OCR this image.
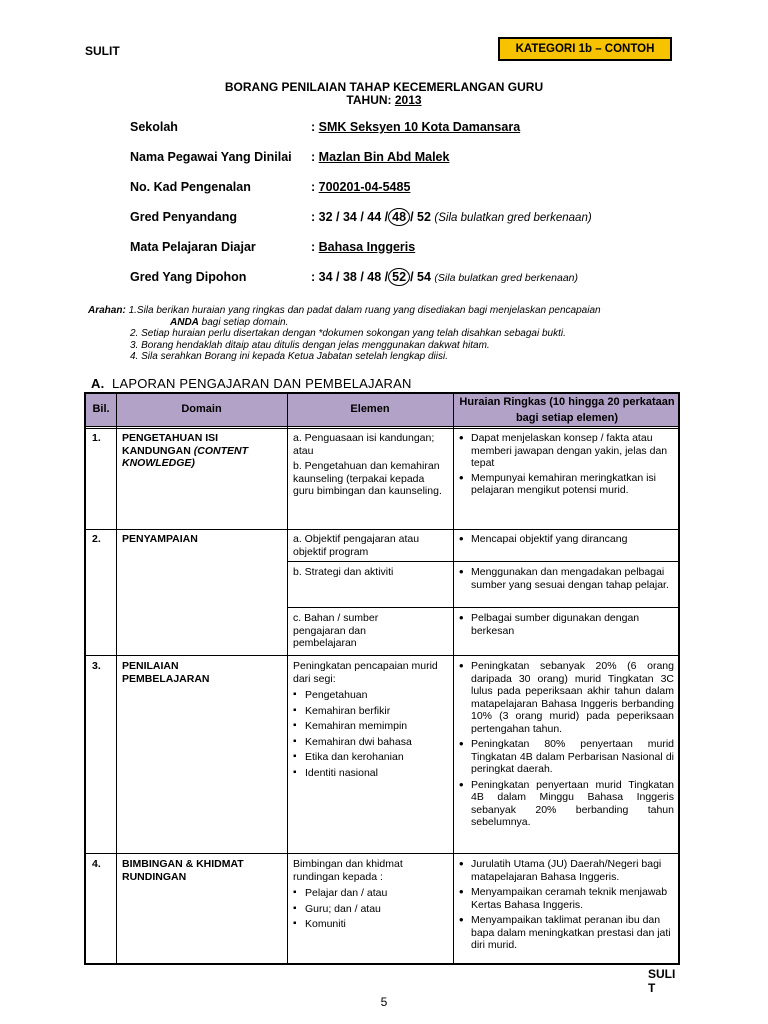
SULIT	KATEGORI 1b – CONTOH
BORANG PENILAIAN TAHAP KECEMERLANGAN GURU
TAHUN: 2013
Sekolah	: SMK Seksyen 10 Kota Damansara
Nama Pegawai Yang Dinilai : Mazlan Bin Abd Malek
No. Kad Pengenalan	: 700201-04-5485
Gred Penyandang	: 32 / 34 / 44 / 48 / 52 (Sila bulatkan gred berkenaan)
Mata Pelajaran Diajar	: Bahasa Inggeris
Gred Yang Dipohon	: 34 / 38 / 48 / 52 / 54 (Sila bulatkan gred berkenaan)
Arahan: 1.Sila berikan huraian yang ringkas dan padat dalam ruang yang disediakan bagi menjelaskan pencapaian
ANDA bagi setiap domain.
2. Setiap huraian perlu disertakan dengan *dokumen sokongan yang telah disahkan sebagai bukti.
3. Borang hendaklah ditaip atau ditulis dengan jelas menggunakan dakwat hitam.
4. Sila serahkan Borang ini kepada Ketua Jabatan setelah lengkap diisi.
A. LAPORAN PENGAJARAN DAN PEMBELAJARAN
Bil.	Domain	Elemen
Huraian Ringkas (10 hingga 20 perkataan bagi setiap elemen)
1. PENGETAHUAN ISI KANDUNGAN (CONTENT KNOWLEDGE)
a. Penguasaan isi kandungan; atau
b. Pengetahuan dan kemahiran kaunseling (terpakai kepada guru bimbingan dan kaunseling.
• Dapat menjelaskan konsep / fakta atau memberi jawapan dengan yakin, jelas dan tepat
• Mempunyai kemahiran meringkatkan isi pelajaran mengikut potensi murid.
2. PENYAMPAIAN	a. Objektif pengajaran atau objektif program
• Mencapai objektif yang dirancang
b. Strategi dan aktiviti
•	Menggunakan dan mengadakan pelbagai sumber yang sesuai dengan tahap pelajar.
c. Bahan / sumber pengajaran dan pembelajaran
• Pelbagai sumber digunakan dengan berkesan
3. PENILAIAN PEMBELAJARAN
Peningkatan pencapaian murid dari segi:
▪ Pengetahuan
▪ Kemahiran berfikir
▪ Kemahiran memimpin
▪ Kemahiran dwi bahasa
▪ Etika dan kerohanian
▪ Identiti nasional
• Peningkatan sebanyak 20% (6 orang daripada 30 orang) murid Tingkatan 3C lulus pada peperiksaan akhir tahun dalam matapelajaran Bahasa Inggeris berbanding 10% (3 orang murid) pada peperiksaan pertengahan tahun.
• Peningkatan 80% penyertaan murid Tingkatan 4B dalam Perbarisan Nasional di peringkat daerah.
• Peningkatan penyertaan murid Tingkatan 4B dalam Minggu Bahasa Inggeris sebanyak 20% berbanding tahun sebelumnya.
4. BIMBINGAN & KHIDMAT RUNDINGAN
Bimbingan dan khidmat rundingan kepada :
▪ Pelajar dan / atau
▪ Guru; dan / atau
▪ Komuniti
• Jurulatih Utama (JU) Daerah/Negeri bagi matapelajaran Bahasa Inggeris.
• Menyampaikan ceramah teknik menjawab Kertas Bahasa Inggeris.
• Menyampaikan taklimat peranan ibu dan bapa dalam meningkatkan prestasi dan jati diri murid.
SULIT
5
